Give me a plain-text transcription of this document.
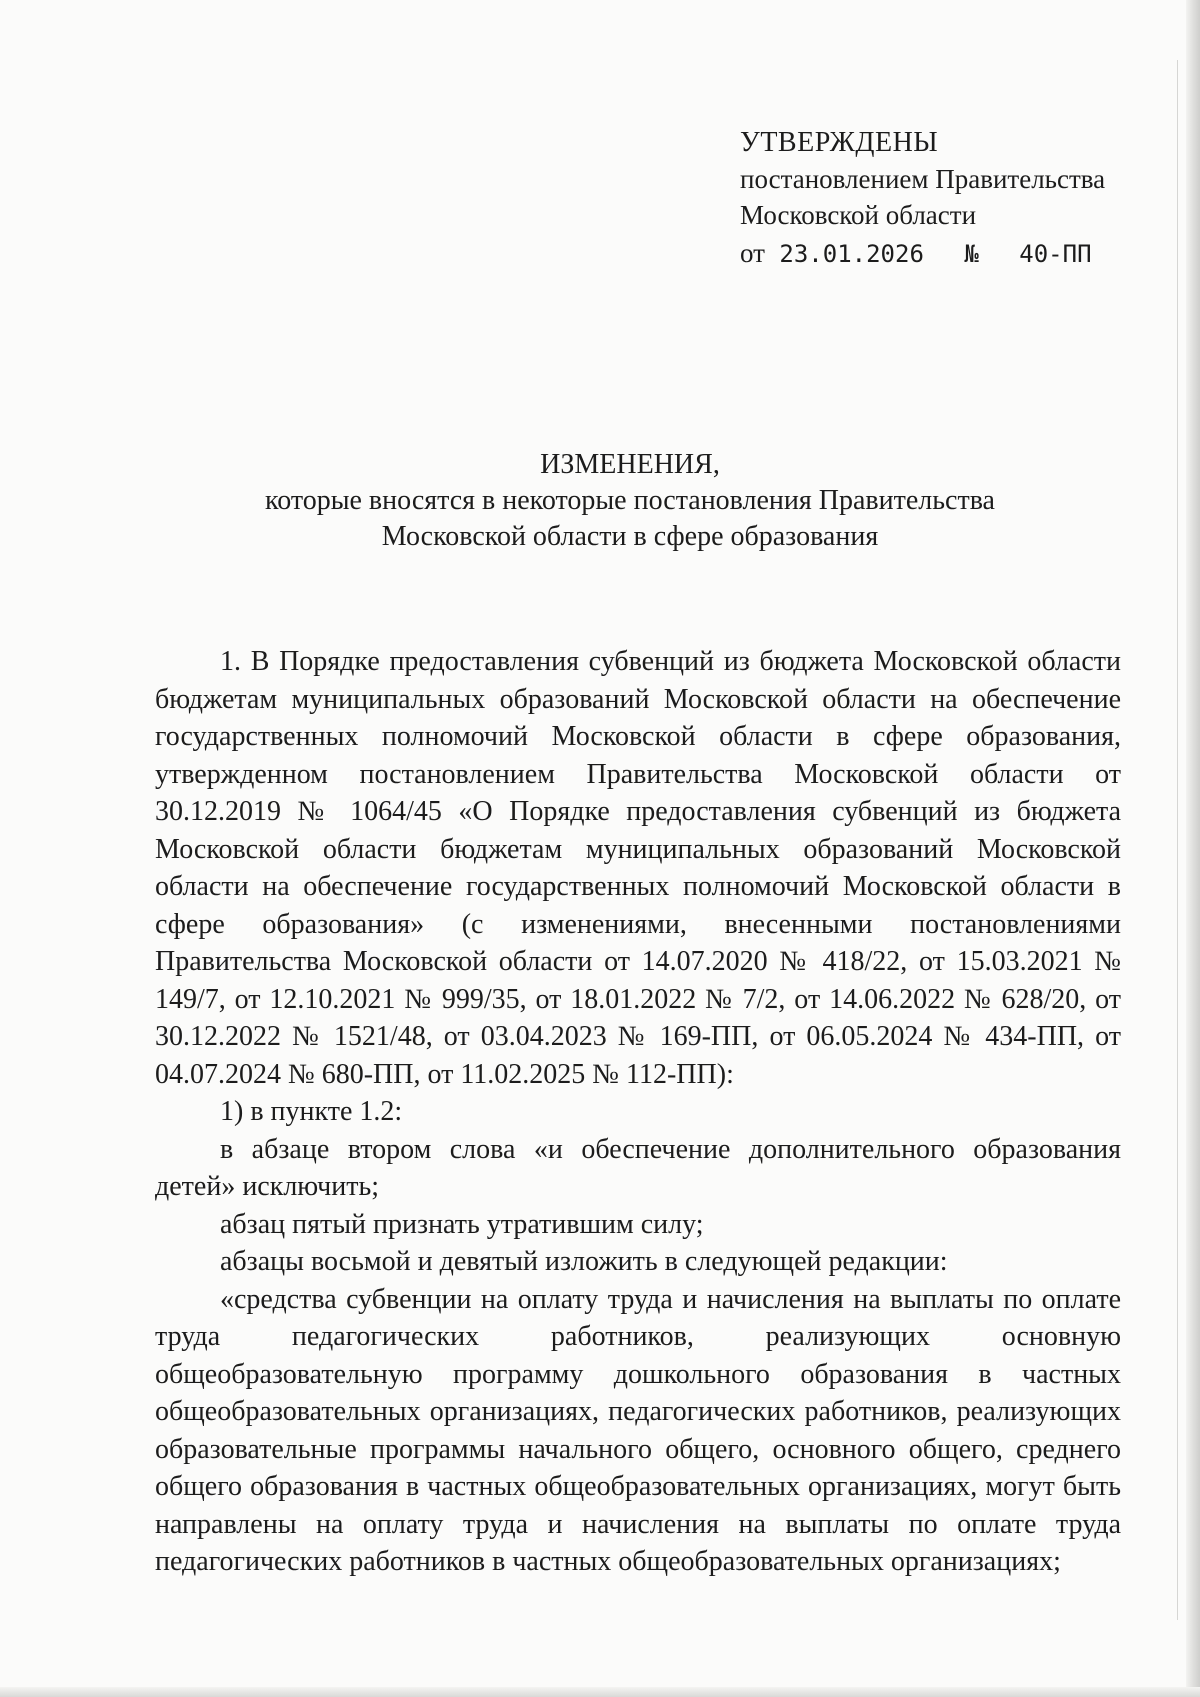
УТВЕРЖДЕНЫ
постановлением Правительства
Московской области
от 23.01.2026 № 40-ПП
ИЗМЕНЕНИЯ,
которые вносятся в некоторые постановления Правительства
Московской области в сфере образования

1. В Порядке предоставления субвенций из бюджета Московской области бюджетам муниципальных образований Московской области на обеспечение государственных полномочий Московской области в сфере образования, утвержденном постановлением Правительства Московской области от 30.12.2019 № 1064/45 «О Порядке предоставления субвенций из бюджета Московской области бюджетам муниципальных образований Московской области на обеспечение государственных полномочий Московской области в сфере образования» (с изменениями, внесенными постановлениями Правительства Московской области от 14.07.2020 № 418/22, от 15.03.2021 № 149/7, от 12.10.2021 № 999/35, от 18.01.2022 № 7/2, от 14.06.2022 № 628/20, от 30.12.2022 № 1521/48, от 03.04.2023 № 169-ПП, от 06.05.2024 № 434-ПП, от 04.07.2024 № 680-ПП, от 11.02.2025 № 112-ПП):

1) в пункте 1.2:

в абзаце втором слова «и обеспечение дополнительного образования детей» исключить;

абзац пятый признать утратившим силу;

абзацы восьмой и девятый изложить в следующей редакции:

«средства субвенции на оплату труда и начисления на выплаты по оплате труда педагогических работников, реализующих основную общеобразовательную программу дошкольного образования в частных общеобразовательных организациях, педагогических работников, реализующих образовательные программы начального общего, основного общего, среднего общего образования в частных общеобразовательных организациях, могут быть направлены на оплату труда и начисления на выплаты по оплате труда педагогических работников в частных общеобразовательных организациях;
